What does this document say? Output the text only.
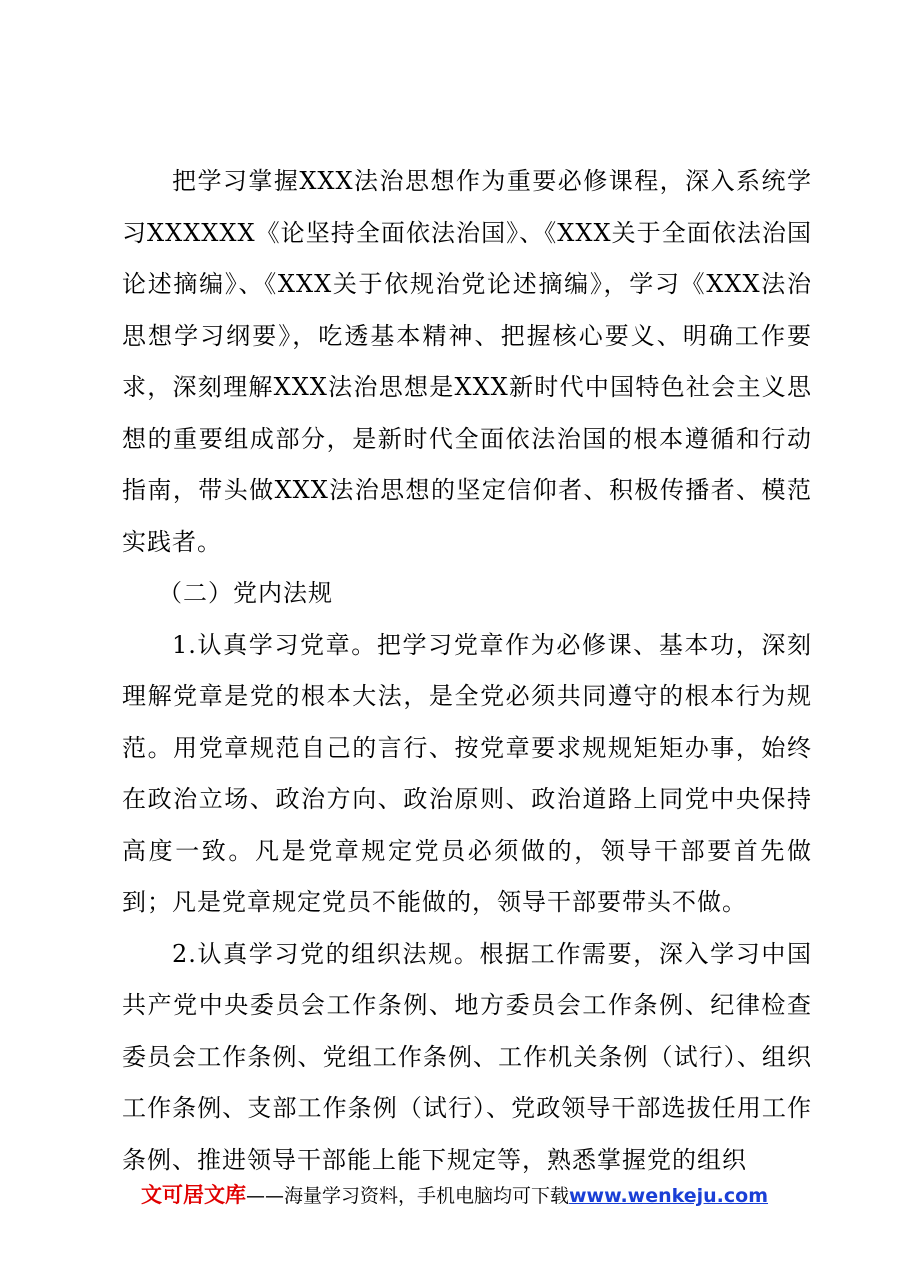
把学习掌握XXX法治思想作为重要必修课程，深入系统学习XXXXXX《论坚持全面依法治国》、《XXX关于全面依法治国论述摘编》、《XXX关于依规治党论述摘编》，学习《XXX法治思想学习纲要》，吃透基本精神、把握核心要义、明确工作要求，深刻理解XXX法治思想是XXX新时代中国特色社会主义思想的重要组成部分，是新时代全面依法治国的根本遵循和行动指南，带头做XXX法治思想的坚定信仰者、积极传播者、模范实践者。

（二）党内法规

1.认真学习党章。把学习党章作为必修课、基本功，深刻理解党章是党的根本大法，是全党必须共同遵守的根本行为规范。用党章规范自己的言行、按党章要求规规矩矩办事，始终在政治立场、政治方向、政治原则、政治道路上同党中央保持高度一致。凡是党章规定党员必须做的，领导干部要首先做到；凡是党章规定党员不能做的，领导干部要带头不做。

2.认真学习党的组织法规。根据工作需要，深入学习中国共产党中央委员会工作条例、地方委员会工作条例、纪律检查委员会工作条例、党组工作条例、工作机关条例（试行）、组织工作条例、支部工作条例（试行）、党政领导干部选拔任用工作条例、推进领导干部能上能下规定等，熟悉掌握党的组织

文可居文库——海量学习资料，手机电脑均可下载www.wenkeju.com
